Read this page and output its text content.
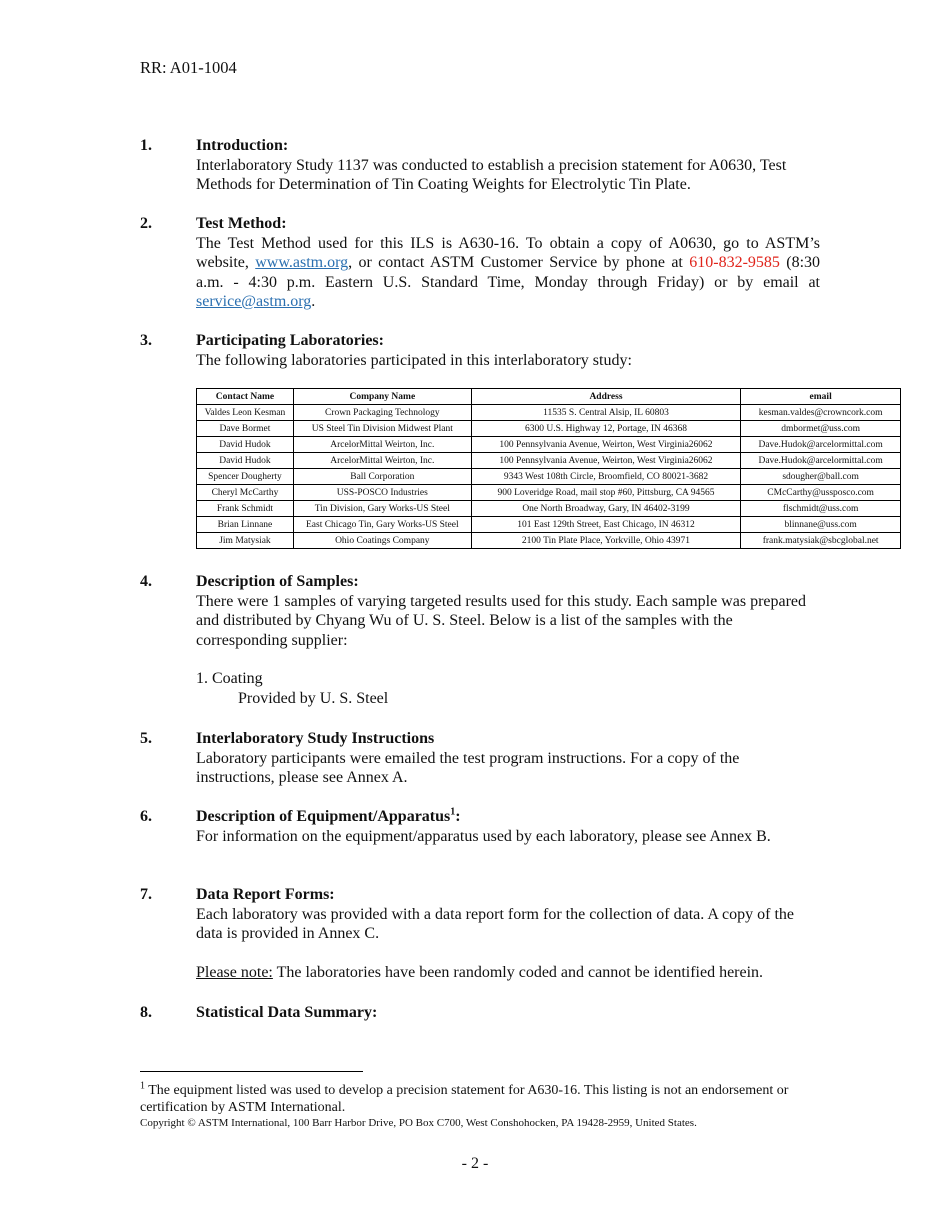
RR: A01-1004
1.	Introduction:
Interlaboratory Study 1137 was conducted to establish a precision statement for A0630, Test Methods for Determination of Tin Coating Weights for Electrolytic Tin Plate.
2.	Test Method:
The Test Method used for this ILS is A630-16. To obtain a copy of A0630, go to ASTM’s website, www.astm.org, or contact ASTM Customer Service by phone at 610-832-9585 (8:30 a.m. - 4:30 p.m. Eastern U.S. Standard Time, Monday through Friday) or by email at service@astm.org.
3.	Participating Laboratories:
The following laboratories participated in this interlaboratory study:
Contact Name	Company Name	Address	email
Valdes Leon Kesman	Crown Packaging Technology	11535 S. Central Alsip, IL 60803	kesman.valdes@crowncork.com
Dave Bormet	US Steel Tin Division Midwest Plant	6300 U.S. Highway 12, Portage, IN 46368	dmbormet@uss.com
David Hudok	ArcelorMittal Weirton, Inc.	100 Pennsylvania Avenue, Weirton, West Virginia26062	Dave.Hudok@arcelormittal.com
David Hudok	ArcelorMittal Weirton, Inc.	100 Pennsylvania Avenue, Weirton, West Virginia26062	Dave.Hudok@arcelormittal.com
Spencer Dougherty	Ball Corporation	9343 West 108th Circle, Broomfield, CO 80021-3682	sdougher@ball.com
Cheryl McCarthy	USS-POSCO Industries	900 Loveridge Road, mail stop #60, Pittsburg, CA 94565	CMcCarthy@ussposco.com
Frank Schmidt	Tin Division, Gary Works-US Steel	One North Broadway, Gary, IN 46402-3199	flschmidt@uss.com
Brian Linnane	East Chicago Tin, Gary Works-US Steel	101 East 129th Street, East Chicago, IN 46312	blinnane@uss.com
Jim Matysiak	Ohio Coatings Company	2100 Tin Plate Place, Yorkville, Ohio 43971	frank.matysiak@sbcglobal.net
4.	Description of Samples:
There were 1 samples of varying targeted results used for this study. Each sample was prepared and distributed by Chyang Wu of U. S. Steel. Below is a list of the samples with the corresponding supplier:
1. Coating
Provided by U. S. Steel
5.	Interlaboratory Study Instructions
Laboratory participants were emailed the test program instructions. For a copy of the instructions, please see Annex A.
6.	Description of Equipment/Apparatus$^1$:
For information on the equipment/apparatus used by each laboratory, please see Annex B.
7.	Data Report Forms:
Each laboratory was provided with a data report form for the collection of data. A copy of the data is provided in Annex C.
Please note: The laboratories have been randomly coded and cannot be identified herein.
8.	Statistical Data Summary:
$^1$ The equipment listed was used to develop a precision statement for A630-16. This listing is not an endorsement or certification by ASTM International.
Copyright © ASTM International, 100 Barr Harbor Drive, PO Box C700, West Conshohocken, PA 19428-2959, United States.
- 2 -
